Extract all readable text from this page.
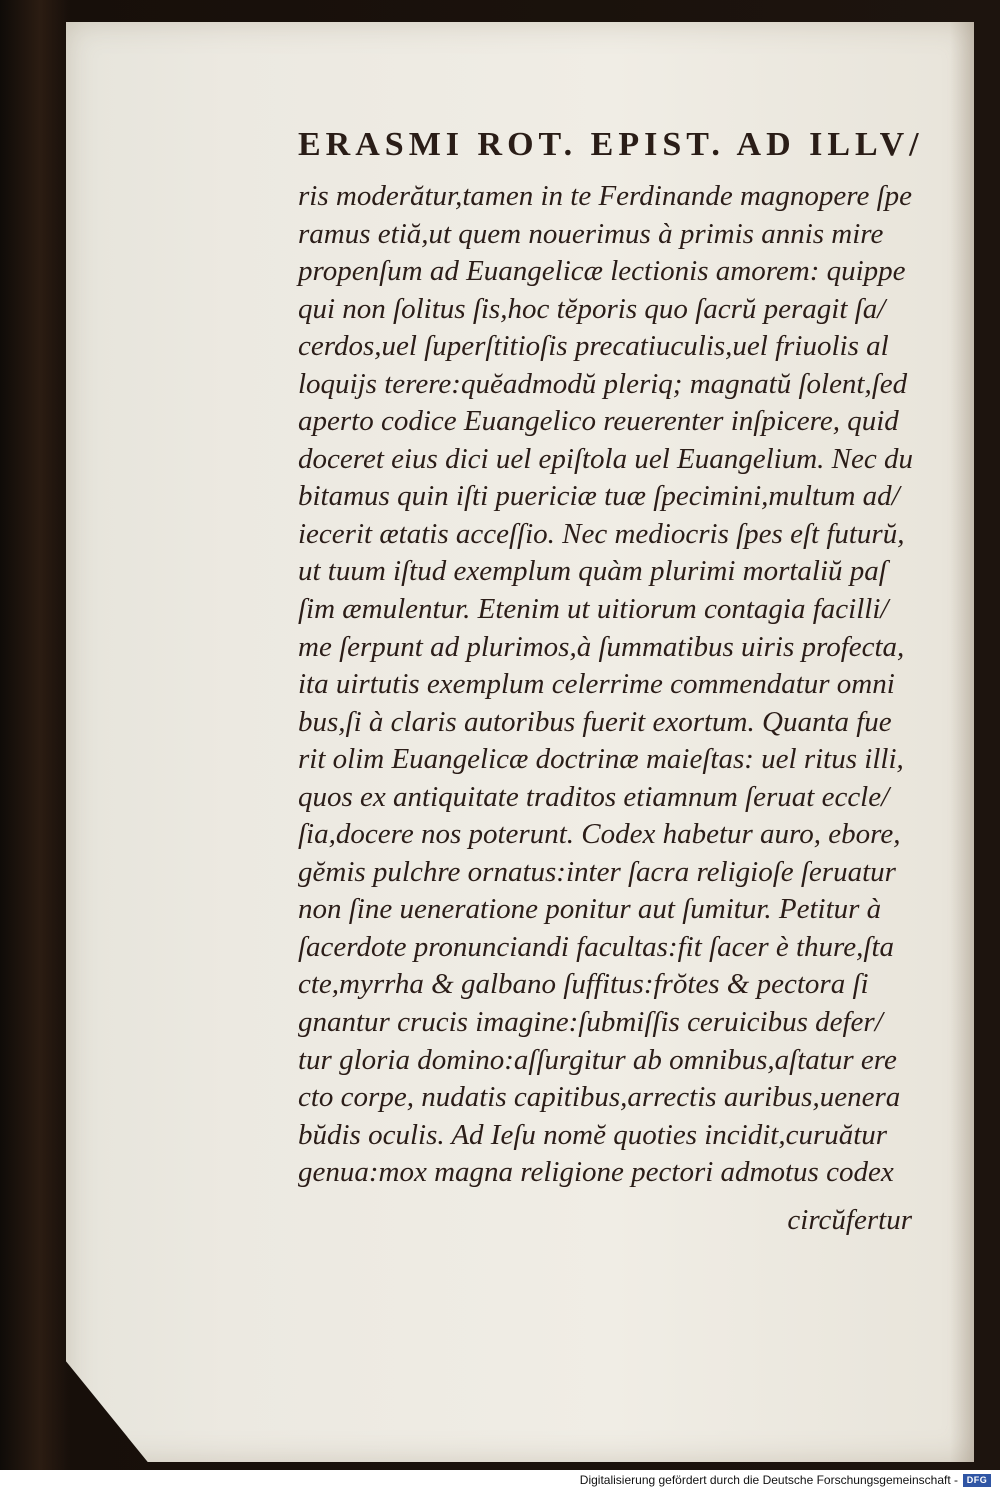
ERASMI ROT. EPIST. AD ILLV/
ris moderătur,tamen in te Ferdinande magnopere ſpe
ramus etiă,ut quem nouerimus à primis annis mire
propenſum ad Euangelicæ lectionis amorem: quippe
qui non ſolitus ſis,hoc tĕporis quo ſacrŭ peragit ſa/
cerdos,uel ſuperſtitioſis precatiuculis,uel friuolis al
loquijs terere:quĕadmodŭ pleriq; magnatŭ ſolent,ſed
aperto codice Euangelico reuerenter inſpicere, quid
doceret eius dici uel epiſtola uel Euangelium. Nec du
bitamus quin iſti puericiæ tuæ ſpecimini,multum ad/
iecerit ætatis acceſſio. Nec mediocris ſpes eſt futurŭ,
ut tuum iſtud exemplum quàm plurimi mortaliŭ paſ
ſim æmulentur. Etenim ut uitiorum contagia facilli/
me ſerpunt ad plurimos,à ſummatibus uiris profecta,
ita uirtutis exemplum celerrime commendatur omni
bus,ſi à claris autoribus fuerit exortum. Quanta fue
rit olim Euangelicæ doctrinæ maieſtas: uel ritus illi,
quos ex antiquitate traditos etiamnum ſeruat eccle/
ſia,docere nos poterunt. Codex habetur auro, ebore,
gĕmis pulchre ornatus:inter ſacra religioſe ſeruatur
non ſine ueneratione ponitur aut ſumitur. Petitur à
ſacerdote pronunciandi facultas:fit ſacer è thure,ſta
cte,myrrha & galbano ſuffitus:frŏtes & pectora ſi
gnantur crucis imagine:ſubmiſſis ceruicibus defer/
tur gloria domino:aſſurgitur ab omnibus,aſtatur ere
cto corpe, nudatis capitibus,arrectis auribus,uenera
bŭdis oculis. Ad Ieſu nomĕ quoties incidit,curuătur
genua:mox magna religione pectori admotus codex

circŭfertur

Digitalisierung gefördert durch die Deutsche Forschungsgemeinschaft - DFG
